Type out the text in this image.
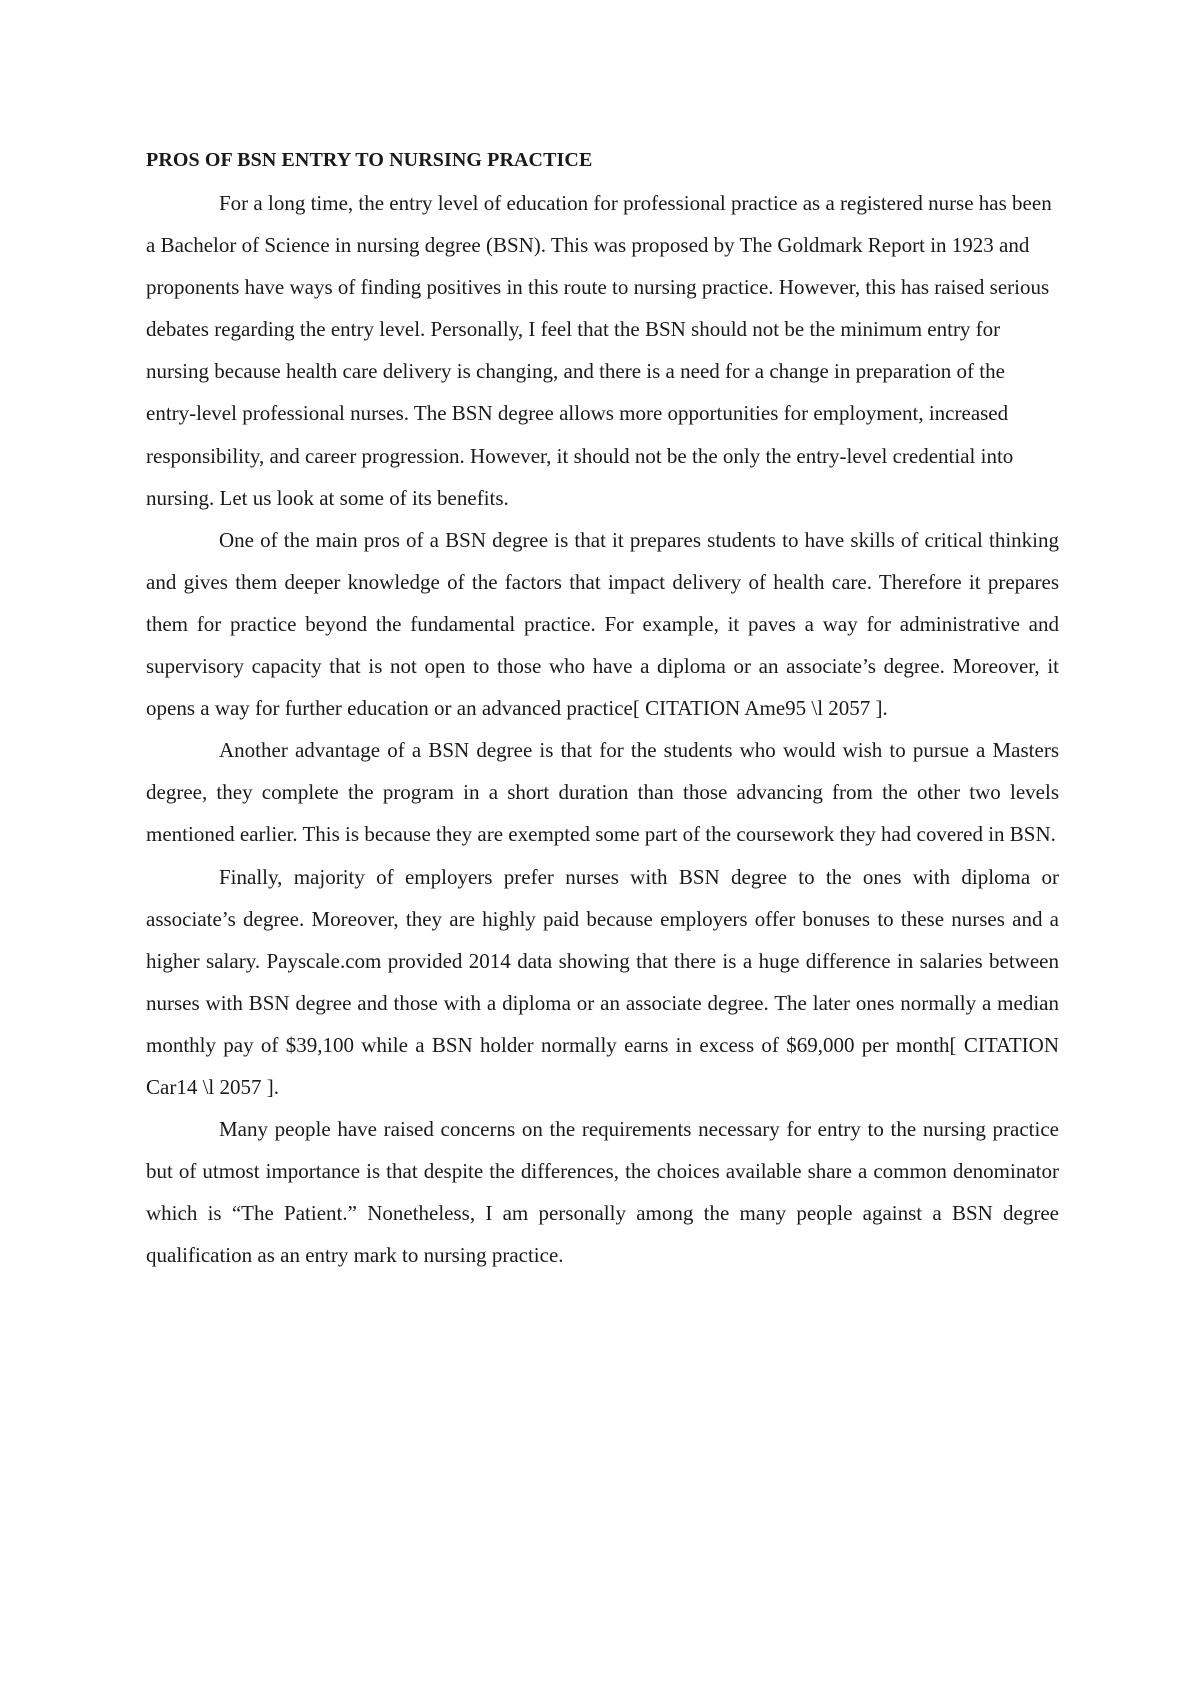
PROS OF BSN ENTRY TO NURSING PRACTICE

For a long time, the entry level of education for professional practice as a registered nurse has been a Bachelor of Science in nursing degree (BSN). This was proposed by The Goldmark Report in 1923 and proponents have ways of finding positives in this route to nursing practice. However, this has raised serious debates regarding the entry level. Personally, I feel that the BSN should not be the minimum entry for nursing because health care delivery is changing, and there is a need for a change in preparation of the entry-level professional nurses. The BSN degree allows more opportunities for employment, increased responsibility, and career progression. However, it should not be the only the entry-level credential into nursing. Let us look at some of its benefits.

One of the main pros of a BSN degree is that it prepares students to have skills of critical thinking and gives them deeper knowledge of the factors that impact delivery of health care. Therefore it prepares them for practice beyond the fundamental practice. For example, it paves a way for administrative and supervisory capacity that is not open to those who have a diploma or an associate’s degree. Moreover, it opens a way for further education or an advanced practice[ CITATION Ame95 \l 2057 ].

Another advantage of a BSN degree is that for the students who would wish to pursue a Masters degree, they complete the program in a short duration than those advancing from the other two levels mentioned earlier. This is because they are exempted some part of the coursework they had covered in BSN.

Finally, majority of employers prefer nurses with BSN degree to the ones with diploma or associate’s degree. Moreover, they are highly paid because employers offer bonuses to these nurses and a higher salary. Payscale.com provided 2014 data showing that there is a huge difference in salaries between nurses with BSN degree and those with a diploma or an associate degree. The later ones normally a median monthly pay of $39,100 while a BSN holder normally earns in excess of $69,000 per month[ CITATION Car14 \l 2057 ].

Many people have raised concerns on the requirements necessary for entry to the nursing practice but of utmost importance is that despite the differences, the choices available share a common denominator which is “The Patient.” Nonetheless, I am personally among the many people against a BSN degree qualification as an entry mark to nursing practice.
